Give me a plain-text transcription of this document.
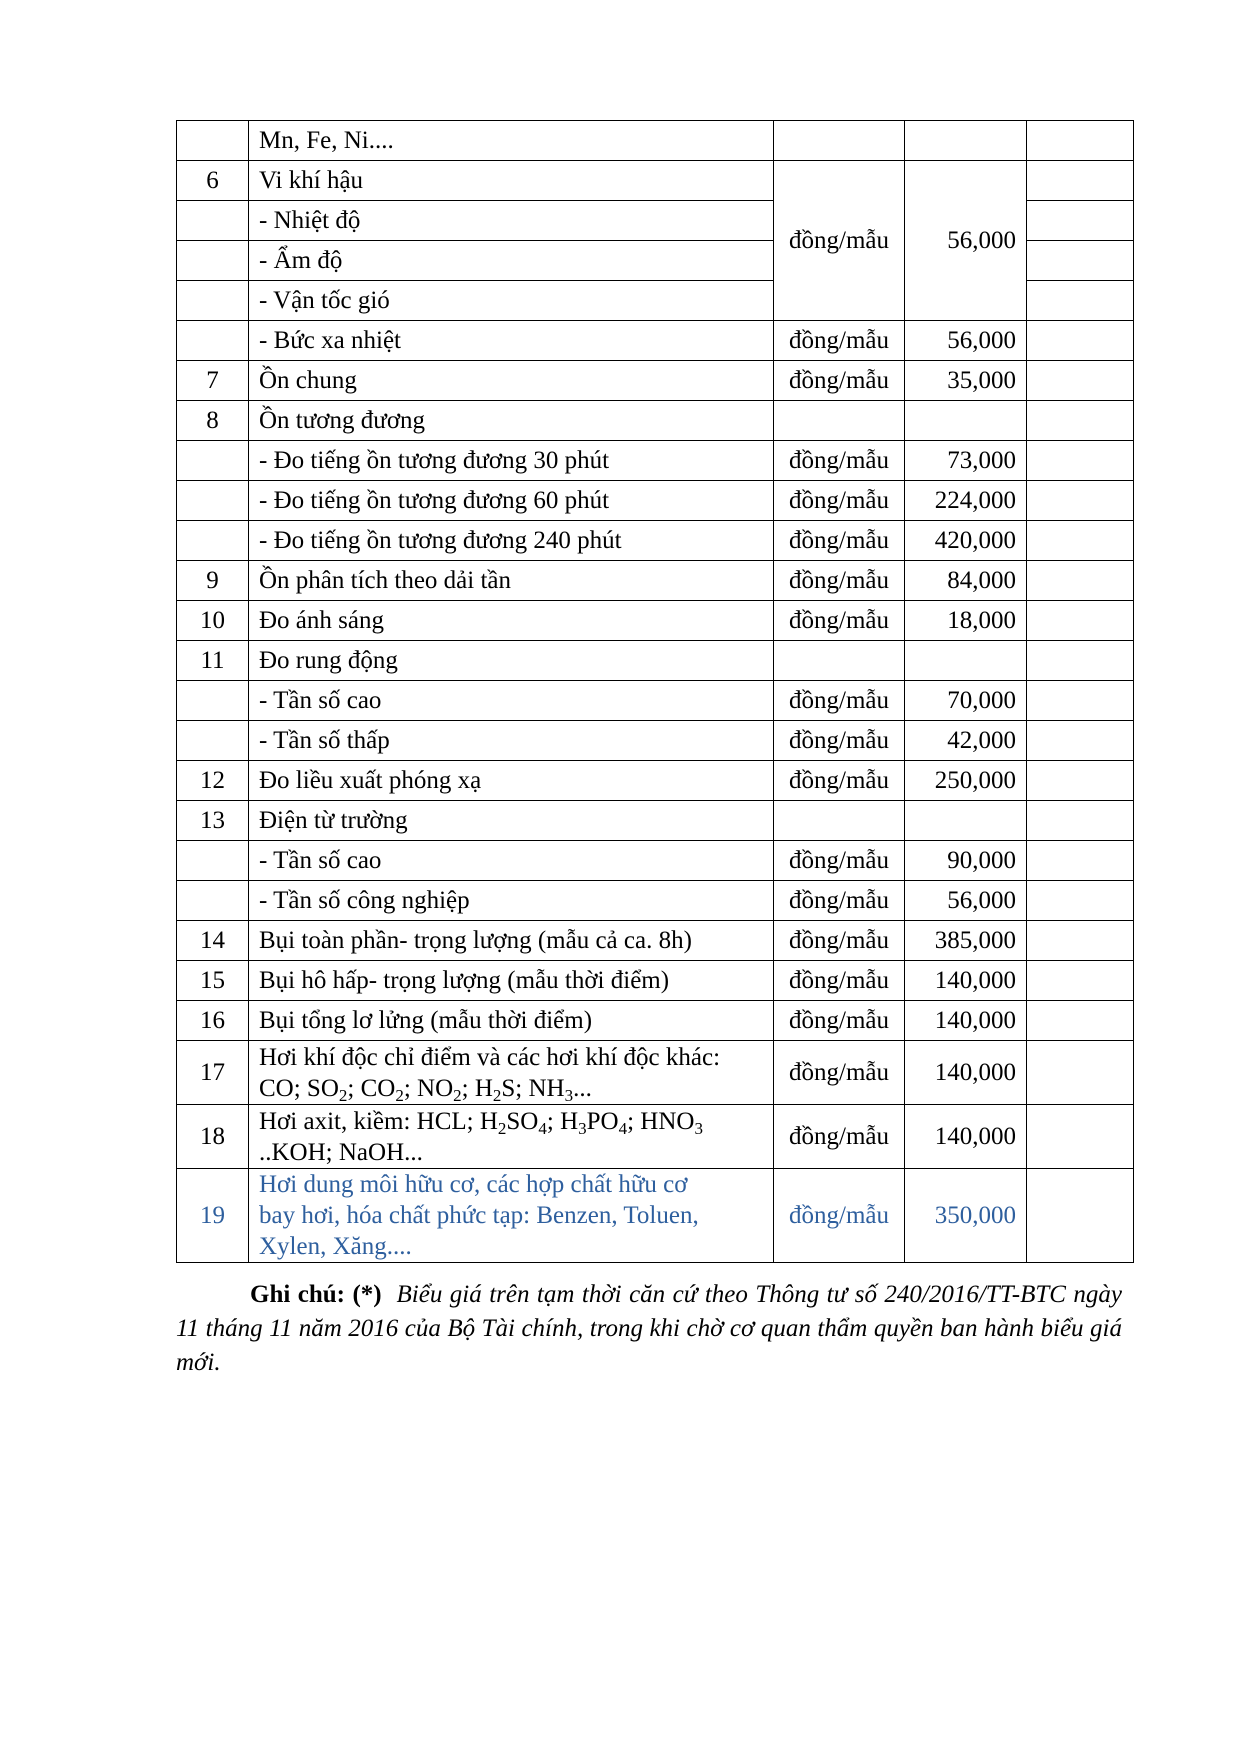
	Mn, Fe, Ni....			
6	Vi khí hậu	đồng/mẫu	56,000	
	- Nhiệt độ			
	- Ẩm độ			
	- Vận tốc gió			
	- Bức xa nhiệt	đồng/mẫu	56,000	
7	Ồn chung	đồng/mẫu	35,000	
8	Ồn tương đương			
	- Đo tiếng ồn tương đương 30 phút	đồng/mẫu	73,000	
	- Đo tiếng ồn tương đương 60 phút	đồng/mẫu	224,000	
	- Đo tiếng ồn tương đương 240 phút	đồng/mẫu	420,000	
9	Ồn phân tích theo dải tần	đồng/mẫu	84,000	
10	Đo ánh sáng	đồng/mẫu	18,000	
11	Đo rung động			
	- Tần số cao	đồng/mẫu	70,000	
	- Tần số thấp	đồng/mẫu	42,000	
12	Đo liều xuất phóng xạ	đồng/mẫu	250,000	
13	Điện từ trường			
	- Tần số cao	đồng/mẫu	90,000	
	- Tần số công nghiệp	đồng/mẫu	56,000	
14	Bụi toàn phần- trọng lượng (mẫu cả ca. 8h)	đồng/mẫu	385,000	
15	Bụi hô hấp- trọng lượng (mẫu thời điểm)	đồng/mẫu	140,000	
16	Bụi tổng lơ lửng (mẫu thời điểm)	đồng/mẫu	140,000	
17	Hơi khí độc chỉ điểm và các hơi khí độc khác:
CO; $SO_2$; $CO_2$; $NO_2$; $H_2S$; $NH_3$...	đồng/mẫu	140,000	
18	Hơi axit, kiềm: HCL; $H_2SO_4$; $H_3PO_4$; $HNO_3$
..KOH; NaOH...	đồng/mẫu	140,000	
19	Hơi dung môi hữu cơ, các hợp chất hữu cơ
bay hơi, hóa chất phức tạp: Benzen, Toluen,
Xylen, Xăng....	đồng/mẫu	350,000	

Ghi chú: (*) Biểu giá trên tạm thời căn cứ theo Thông tư số 240/2016/TT-BTC ngày 11 tháng 11 năm 2016 của Bộ Tài chính, trong khi chờ cơ quan thẩm quyền ban hành biểu giá mới.
